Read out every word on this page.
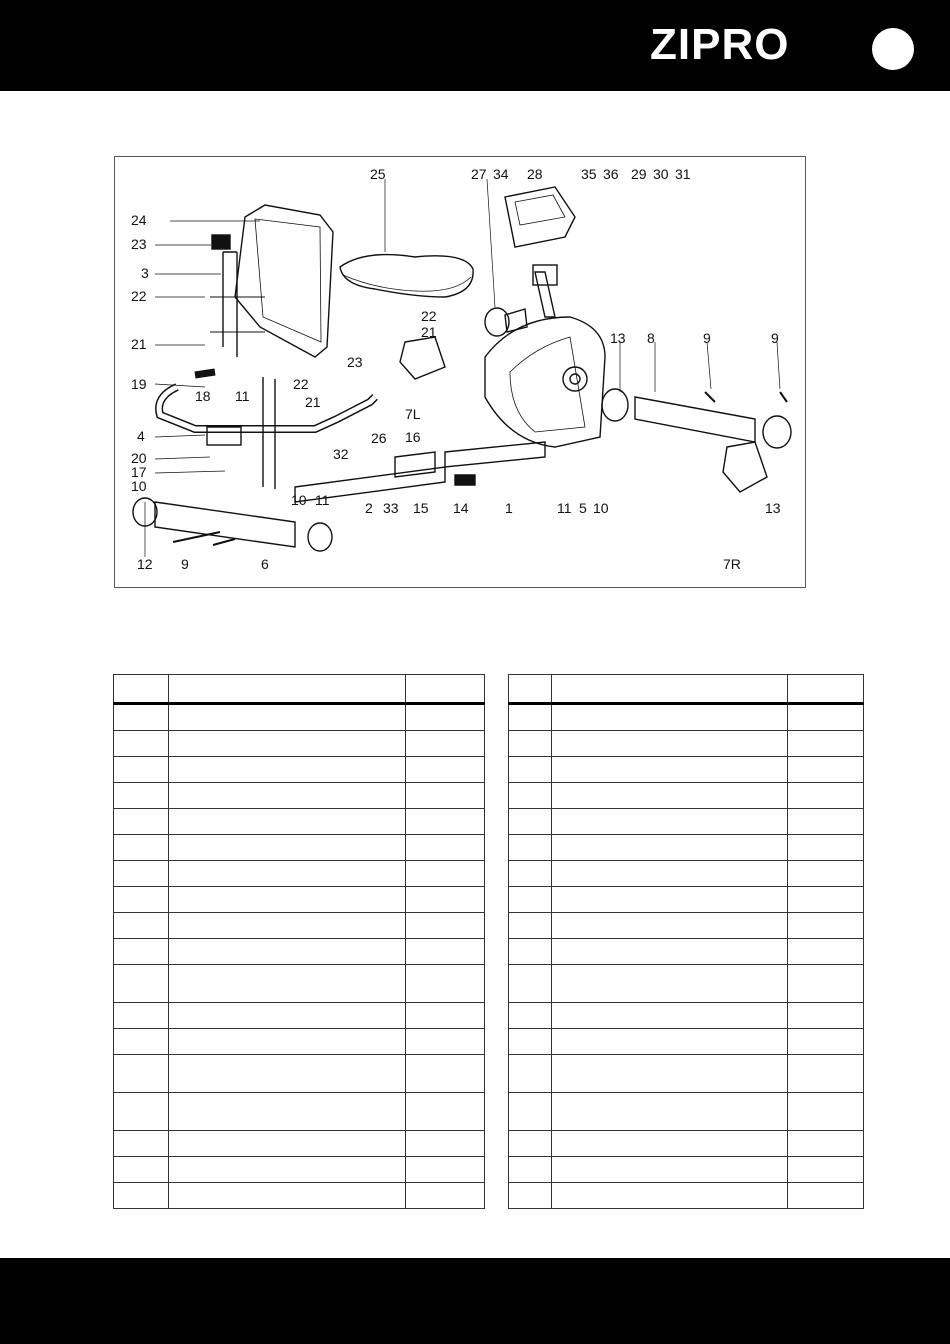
ZIPRO
25	27 34 28	35 36 29 30 31
24
23
3
22
22
21
21
23
13 8	9	9
19	22
18 11	21
7L
4	26 16
20	32
17
10
10 11	2 33 15 14	1	11 5 10	13
12 9	6	7R
